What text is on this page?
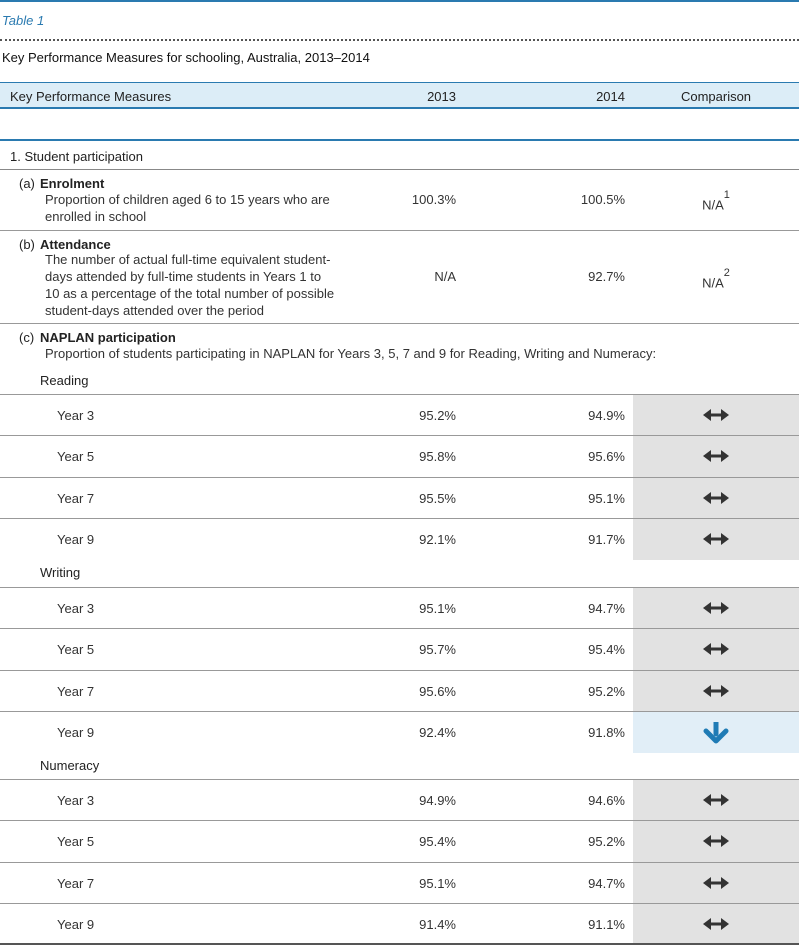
Table 1
Key Performance Measures for schooling, Australia, 2013–2014
Key Performance Measures	2013	2014	Comparison
1. Student participation
(a) Enrolment
Proportion of children aged 6 to 15 years who are
enrolled in school
100.3%	100.5%	$N/A^1$
(b) Attendance
The number of actual full-time equivalent student-
days attended by full-time students in Years 1 to
10 as a percentage of the total number of possible
student-days attended over the period
N/A	92.7%	$N/A^2$
(c) NAPLAN participation
Proportion of students participating in NAPLAN for Years 3, 5, 7 and 9 for Reading, Writing and Numeracy:
Reading
Year 3	95.2%	94.9%
Year 5	95.8%	95.6%
Year 7	95.5%	95.1%
Year 9	92.1%	91.7%
Writing
Year 3	95.1%	94.7%
Year 5	95.7%	95.4%
Year 7	95.6%	95.2%
Year 9	92.4%	91.8%
Numeracy
Year 3	94.9%	94.6%
Year 5	95.4%	95.2%
Year 7	95.1%	94.7%
Year 9	91.4%	91.1%
